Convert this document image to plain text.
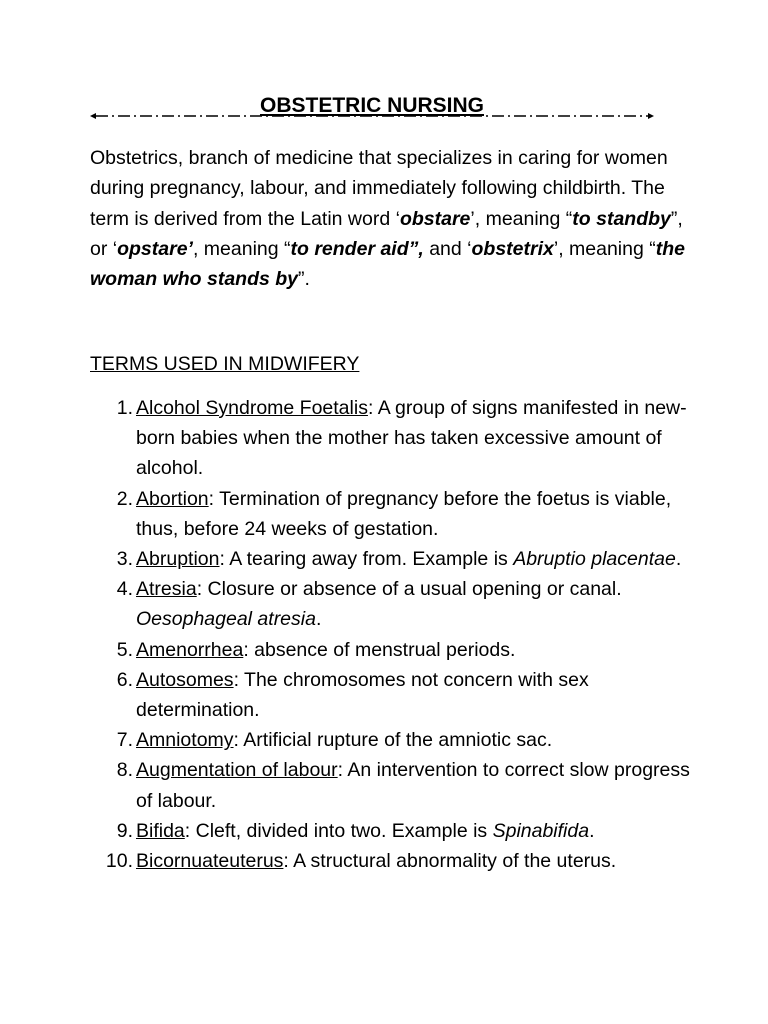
OBSTETRIC NURSING

Obstetrics, branch of medicine that specializes in caring for women during pregnancy, labour, and immediately following childbirth. The term is derived from the Latin word ‘obstare’, meaning “to standby”, or ‘opstare’, meaning “to render aid”, and ‘obstetrix’, meaning “the woman who stands by”.

TERMS USED IN MIDWIFERY

1. Alcohol Syndrome Foetalis: A group of signs manifested in new-born babies when the mother has taken excessive amount of alcohol.
2. Abortion: Termination of pregnancy before the foetus is viable, thus, before 24 weeks of gestation.
3. Abruption: A tearing away from. Example is Abruptio placentae.
4. Atresia: Closure or absence of a usual opening or canal. Oesophageal atresia.
5. Amenorrhea: absence of menstrual periods.
6. Autosomes: The chromosomes not concern with sex determination.
7. Amniotomy: Artificial rupture of the amniotic sac.
8. Augmentation of labour: An intervention to correct slow progress of labour.
9. Bifida: Cleft, divided into two. Example is Spinabifida.
10. Bicornuateuterus: A structural abnormality of the uterus.
